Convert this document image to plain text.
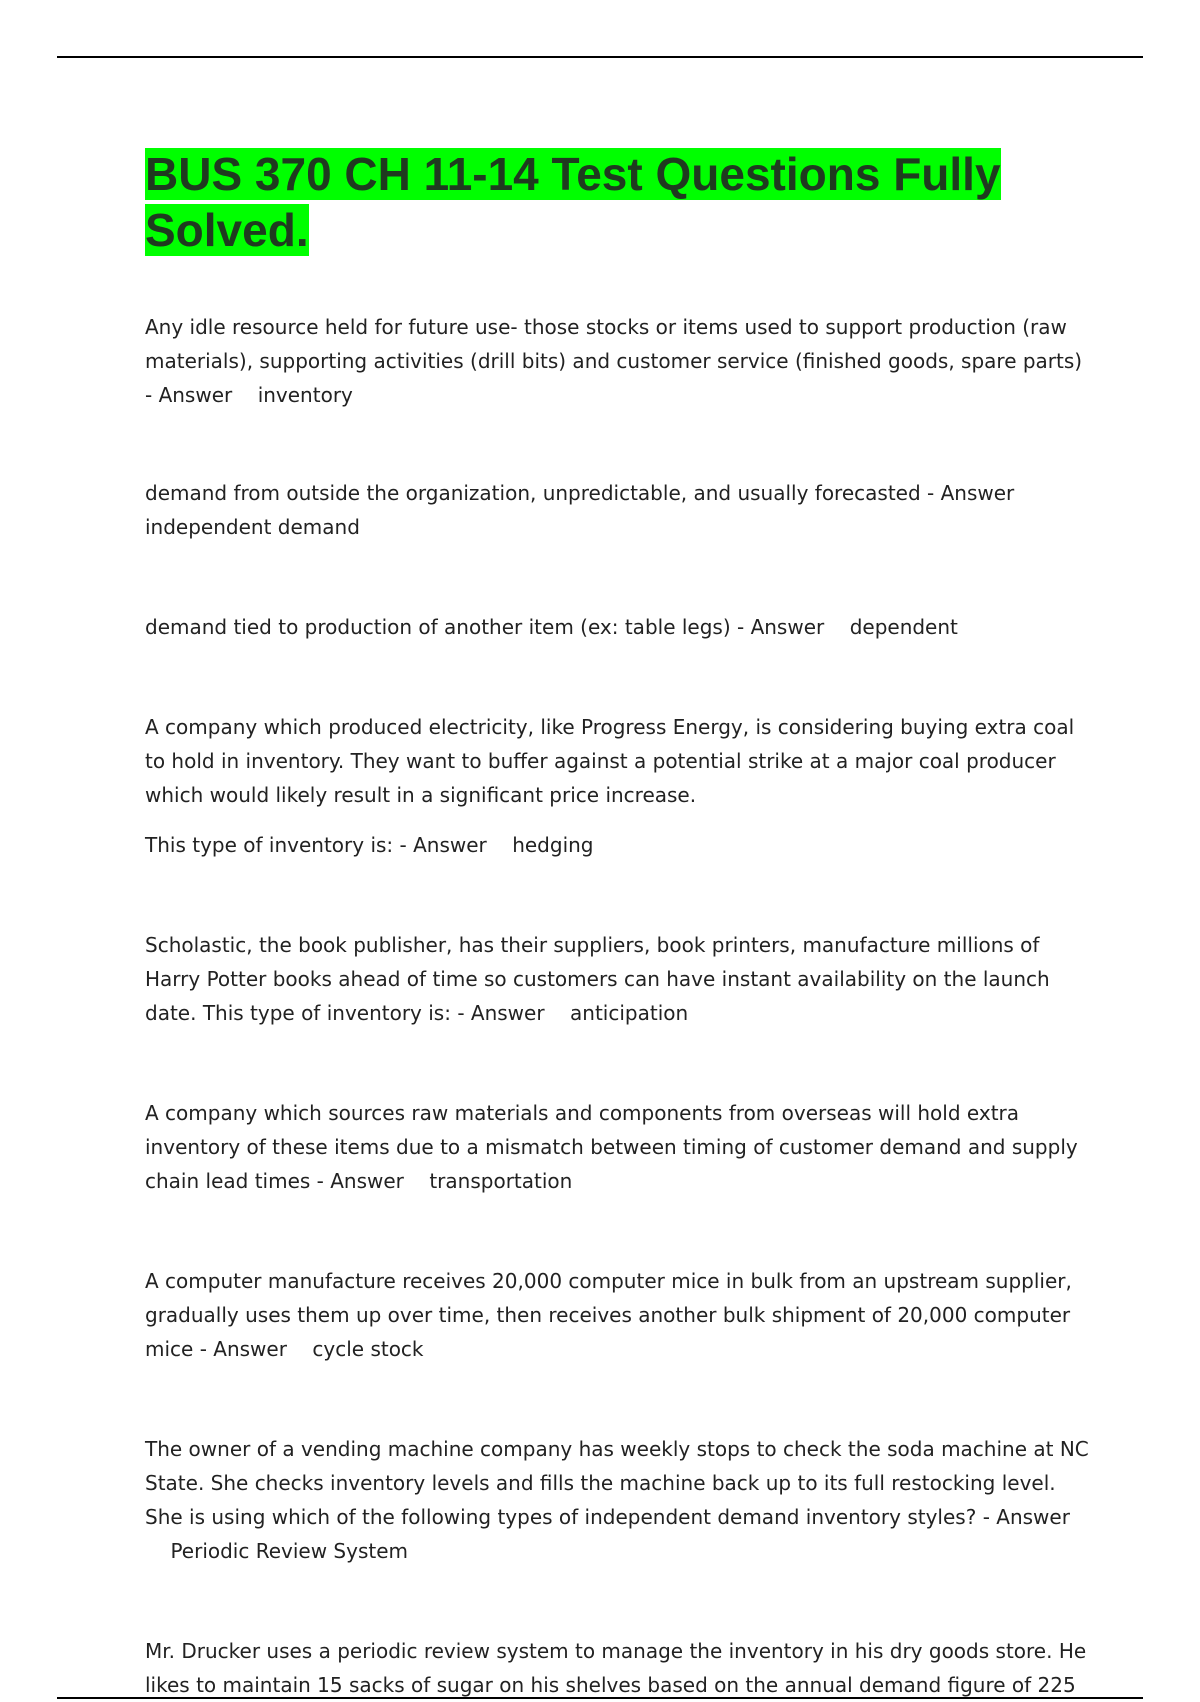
BUS 370 CH 11-14 Test Questions Fully Solved.

Any idle resource held for future use- those stocks or items used to support production (raw materials), supporting activities (drill bits) and customer service (finished goods, spare parts) - Answer inventory

demand from outside the organization, unpredictable, and usually forecasted - Answer independent demand

demand tied to production of another item (ex: table legs) - Answer dependent

A company which produced electricity, like Progress Energy, is considering buying extra coal to hold in inventory. They want to buffer against a potential strike at a major coal producer which would likely result in a significant price increase.

This type of inventory is: - Answer hedging

Scholastic, the book publisher, has their suppliers, book printers, manufacture millions of Harry Potter books ahead of time so customers can have instant availability on the launch date. This type of inventory is: - Answer anticipation

A company which sources raw materials and components from overseas will hold extra inventory of these items due to a mismatch between timing of customer demand and supply chain lead times - Answer transportation

A computer manufacture receives 20,000 computer mice in bulk from an upstream supplier, gradually uses them up over time, then receives another bulk shipment of 20,000 computer mice - Answer cycle stock

The owner of a vending machine company has weekly stops to check the soda machine at NC State. She checks inventory levels and fills the machine back up to its full restocking level. She is using which of the following types of independent demand inventory styles? - Answer    Periodic Review System

Mr. Drucker uses a periodic review system to manage the inventory in his dry goods store. He likes to maintain 15 sacks of sugar on his shelves based on the annual demand figure of 225
